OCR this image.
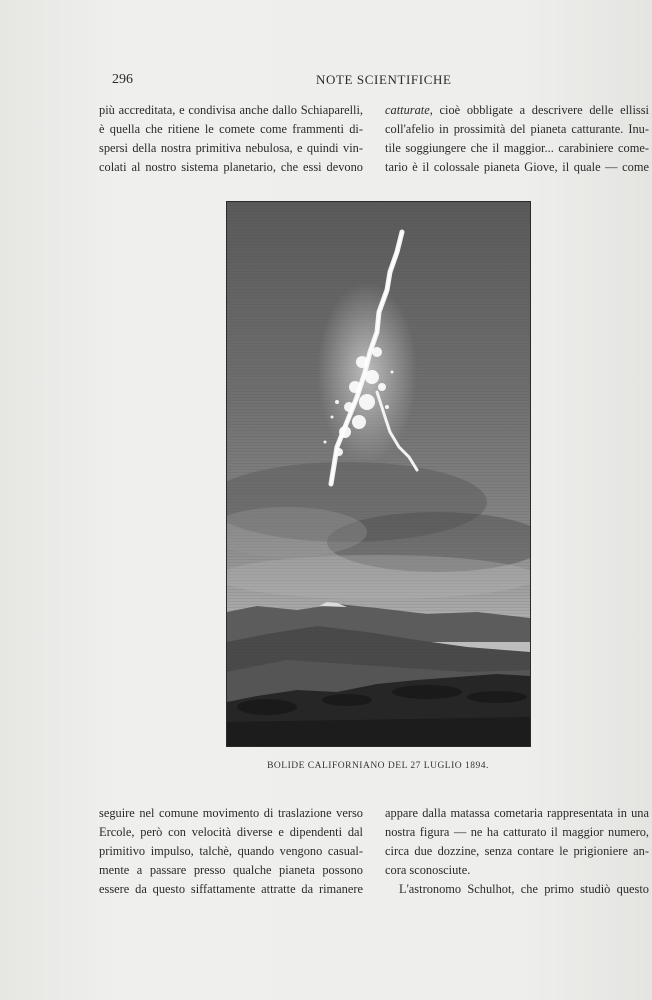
296	NOTE SCIENTIFICHE
più accreditata, e condivisa anche dallo Schiaparelli,
è quella che ritiene le comete come frammenti di-
spersi della nostra primitiva nebulosa, e quindi vin-
colati al nostro sistema planetario, che essi devono
catturate, cioè obbligate a descrivere delle ellissi
coll'afelio in prossimità del pianeta catturante. Inu-
tile soggiungere che il maggior... carabiniere come-
tario è il colossale pianeta Giove, il quale — come
BOLIDE CALIFORNIANO DEL 27 LUGLIO 1894.
seguire nel comune movimento di traslazione verso
Ercole, però con velocità diverse e dipendenti dal
primitivo impulso, talchè, quando vengono casual-
mente a passare presso qualche pianeta possono
essere da questo siffattamente attratte da rimanere
appare dalla matassa cometaria rappresentata in una
nostra figura — ne ha catturato il maggior numero,
circa due dozzine, senza contare le prigioniere an-
cora sconosciute.
L'astronomo Schulhot, che primo studiò questo
